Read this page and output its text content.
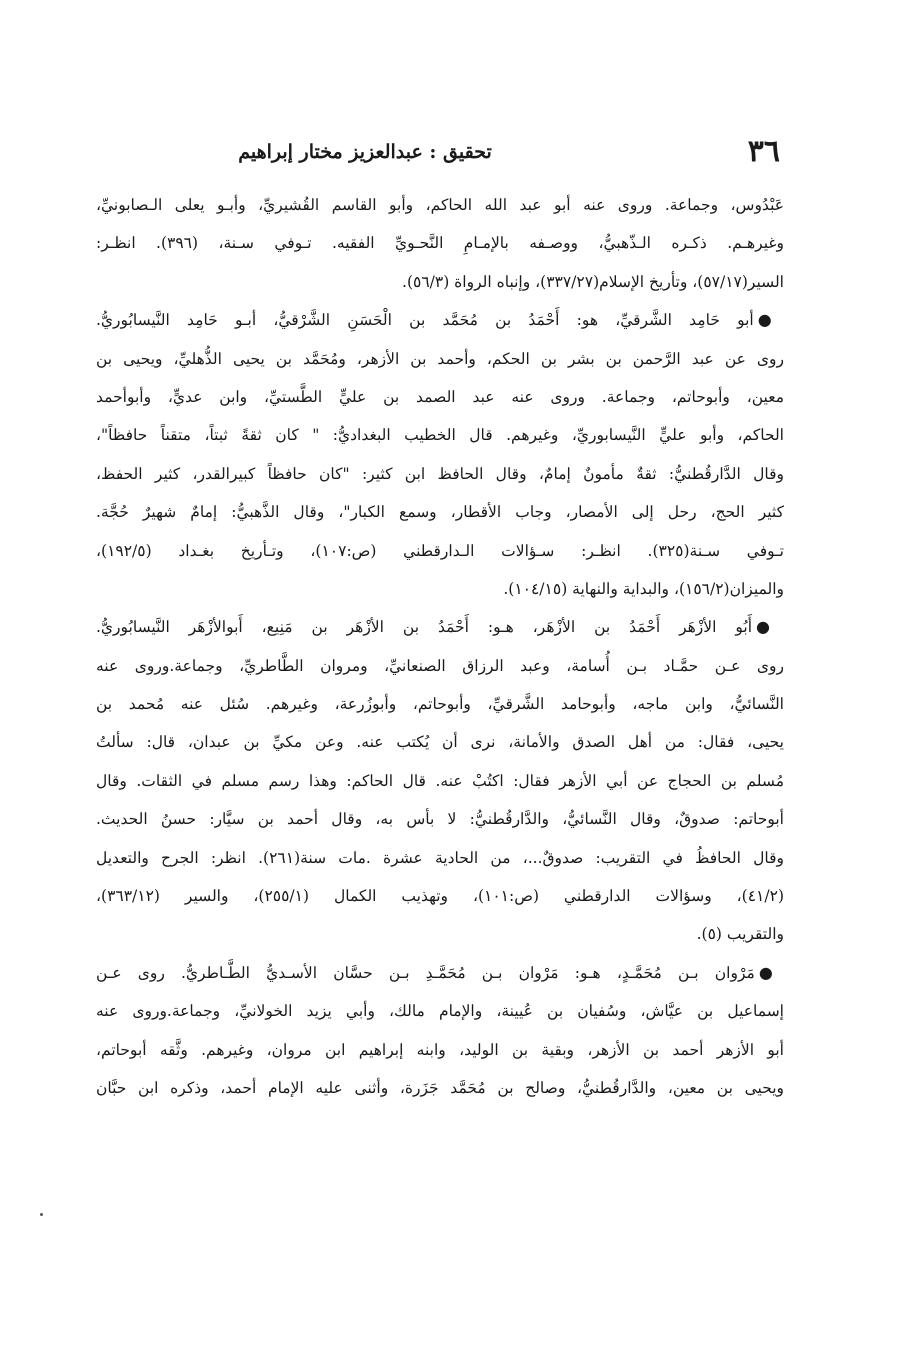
٣٦
تحقيق : عبدالعزيز مختار إبراهيم
عَبْدُوس، وجماعة. وروى عنه أبو عبد الله الحاكم، وأبو القاسم القُشيريِّ، وأبـو يعلى الـصابونيِّ،
وغيرهـم. ذكـره الـذّهبيُّ، ووصـفه بالإمـامِ النَّحـويِّ الفقيه. تـوفي سـنة، (٣٩٦). انظـر:
السير(٥٧/١٧)، وتأريخ الإسلام(٣٣٧/٢٧)، وإنباه الرواة (٥٦/٣).
●أبو حَامِد الشَّرقيِّ، هو: أَحْمَدُ بن مُحَمَّد بن الْحَسَنِ الشَّرْقيُّ، أبـو حَامِد النَّيسابُوريُّ.
روى عن عبد الرَّحمن بن بشر بن الحكم، وأحمد بن الأزهر، ومُحَمَّد بن يحيى الذُّهليِّ، ويحيى بن
معين، وأبوحاتم، وجماعة. وروى عنه عبد الصمد بن عليٍّ الطَّستيِّ، وابن عديٍّ، وأبوأحمد
الحاكم، وأبو عليٍّ النَّيسابوريِّ، وغيرهم. قال الخطيب البغداديُّ: " كان ثقةً ثبتاً، متقناً حافظاً"،
وقال الدَّارقُطنيُّ: ثقةٌ مأمونٌ إمامٌ، وقال الحافظ ابن كثير: "كان حافظاً كبيرالقدر، كثير الحفظ،
كثير الحج، رحل إلى الأمصار، وجاب الأقطار، وسمع الكبار"، وقال الذَّهبيُّ: إمامٌ شهيرٌ حُجَّة.
تـوفي سـنة(٣٢٥). انظـر: سـؤالات الـدارقطني (ص:١٠٧)، وتـأريخ بغـداد (١٩٢/٥)،
والميزان(١٥٦/٢)، والبداية والنهاية (١٠٤/١٥).
●أَبُو الأزْهَر أَحْمَدُ بن الأزْهَر، هـو: أَحْمَدُ بن الأزْهَر بن مَنِيع، أَبوالأزْهَر النَّيسابُوريُّ.
روى عـن حمَّـاد بـن أُسامة، وعبد الرزاق الصنعانيِّ، ومروان الطَّاطريِّ، وجماعة.وروى عنه
النَّسائيُّ، وابن ماجه، وأبوحامد الشَّرقيِّ، وأبوحاتم، وأبوزُرعة، وغيرهم. سُئل عنه مُحمد بن
يحيى، فقال: من أهل الصدق والأمانة، نرى أن يُكتب عنه. وعن مكيِّ بن عبدان، قال: سألتُ
مُسلم بن الحجاج عن أبي الأزهر فقال: اكتُبْ عنه. قال الحاكم: وهذا رسم مسلم في الثقات. وقال
أبوحاتم: صدوقٌ، وقال النَّسائيُّ، والدَّارقُطنيُّ: لا بأس به، وقال أحمد بن سيَّار: حسنُ الحديث.
وقال الحافظُ في التقريب: صدوقٌ...، من الحادية عشرة .مات سنة(٢٦١). انظر: الجرح والتعديل
(٤١/٢)، وسؤالات الدارقطني (ص:١٠١)، وتهذيب الكمال (٢٥٥/١)، والسير (٣٦٣/١٢)،
والتقريب (٥).
●مَرْوان بـن مُحَمَّـدٍ، هـو: مَرْوان بـن مُحَمَّـدِ بـن حسَّان الأسـديُّ الطَّـاطريُّ. روى عـن
إسماعيل بن عيَّاش، وسُفيان بن عُيينة، والإمام مالك، وأبي يزيد الخولانيِّ، وجماعة.وروى عنه
أبو الأزهر أحمد بن الأزهر، وبقية بن الوليد، وابنه إبراهيم ابن مروان، وغيرهم. وثَّقه أبوحاتم،
ويحيى بن معين، والدَّارقُطنيُّ، وصالح بن مُحَمَّد جَزَرة، وأثنى عليه الإمام أحمد، وذكره ابن حبَّان
